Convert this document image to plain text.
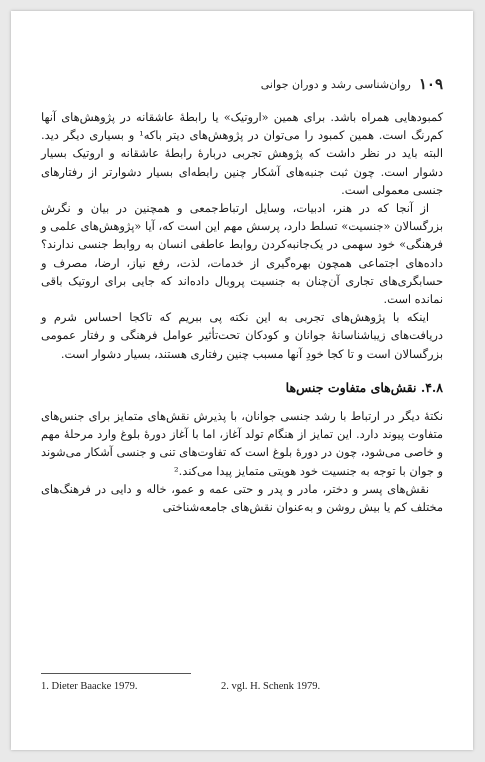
۱۰۹
روان‌شناسی رشد و دوران جوانی

کمبودهایی همراه باشد. برای همین «اروتیک» یا رابطهٔ عاشقانه در پژوهش‌های آنها کم‌رنگ است. همین کمبود را می‌توان در پژوهش‌های دیتر باکه¹ و بسیاری دیگر دید. البته باید در نظر داشت که پژوهش تجربی دربارهٔ رابطهٔ عاشقانه و اروتیک بسیار دشوار است. چون ثبت جنبه‌های آشکار چنین رابطه‌ای بسیار دشوارتر از رفتارهای جنسی معمولی است.

از آنجا که در هنر، ادبیات، وسایل ارتباط‌جمعی و همچنین در بیان و نگرش بزرگسالان «جنسیت» تسلط دارد، پرسش مهم این است که، آیا «پژوهش‌های علمی و فرهنگی» خود سهمی در یک‌جانبه‌کردن روابط عاطفی انسان به روابط جنسی ندارند؟ داده‌های اجتماعی همچون بهره‌گیری از خدمات، لذت، رفع نیاز، ارضا، مصرف و حسابگری‌های تجاری آن‌چنان به جنسیت پروبال داده‌اند که جایی برای اروتیک باقی نمانده است.

اینکه با پژوهش‌های تجربی به این نکته پی ببریم که تاکجا احساس شرم و دریافت‌های زیباشناسانهٔ جوانان و کودکان تحت‌تأثیر عوامل فرهنگی و رفتار عمومی بزرگسالان است و تا کجا خودِ آنها مسبب چنین رفتاری هستند، بسیار دشوار است.

۴.۸. نقش‌های متفاوت جنس‌ها

نکتهٔ دیگر در ارتباط با رشد جنسی جوانان، با پذیرش نقش‌های متمایز برای جنس‌های متفاوت پیوند دارد. این تمایز از هنگام تولد آغاز، اما با آغاز دورهٔ بلوغ وارد مرحلهٔ مهم و خاصی می‌شود، چون در دورهٔ بلوغ است که تفاوت‌های تنی و جنسی آشکار می‌شوند و جوان با توجه به جنسیت خود هویتی متمایز پیدا می‌کند.²

نقش‌های پسر و دختر، مادر و پدر و حتی عمه و عمو، خاله و دایی در فرهنگ‌های مختلف کم یا بیش روشن و به‌عنوان نقش‌های جامعه‌شناختی

1. Dieter Baacke 1979.	2. vgl. H. Schenk 1979.
